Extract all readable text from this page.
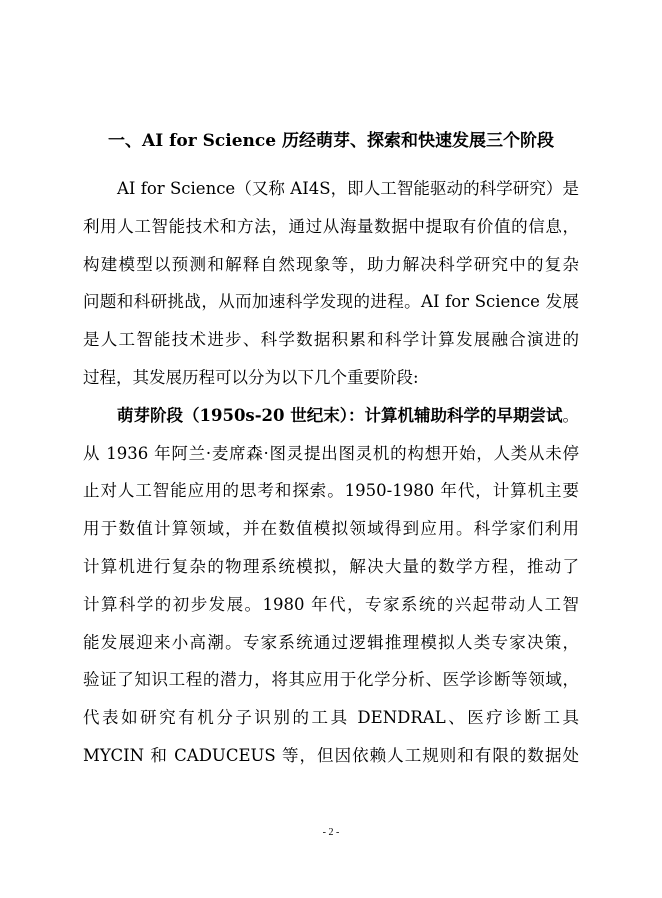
一、AI for Science 历经萌芽、探索和快速发展三个阶段
AI for Science（又称 AI4S，即人工智能驱动的科学研究）是
利用人工智能技术和方法，通过从海量数据中提取有价值的信息，
构建模型以预测和解释自然现象等，助力解决科学研究中的复杂
问题和科研挑战，从而加速科学发现的进程。AI for Science 发展
是人工智能技术进步、科学数据积累和科学计算发展融合演进的
过程，其发展历程可以分为以下几个重要阶段:
萌芽阶段（1950s-20 世纪末）：计算机辅助科学的早期尝试。
从 1936 年阿兰·麦席森·图灵提出图灵机的构想开始，人类从未停
止对人工智能应用的思考和探索。1950-1980 年代，计算机主要
用于数值计算领域，并在数值模拟领域得到应用。科学家们利用
计算机进行复杂的物理系统模拟，解决大量的数学方程，推动了
计算科学的初步发展。1980 年代，专家系统的兴起带动人工智
能发展迎来小高潮。专家系统通过逻辑推理模拟人类专家决策，
验证了知识工程的潜力，将其应用于化学分析、医学诊断等领域，
代表如研究有机分子识别的工具 DENDRAL、医疗诊断工具
MYCIN 和 CADUCEUS 等，但因依赖人工规则和有限的数据处
- 2 -
